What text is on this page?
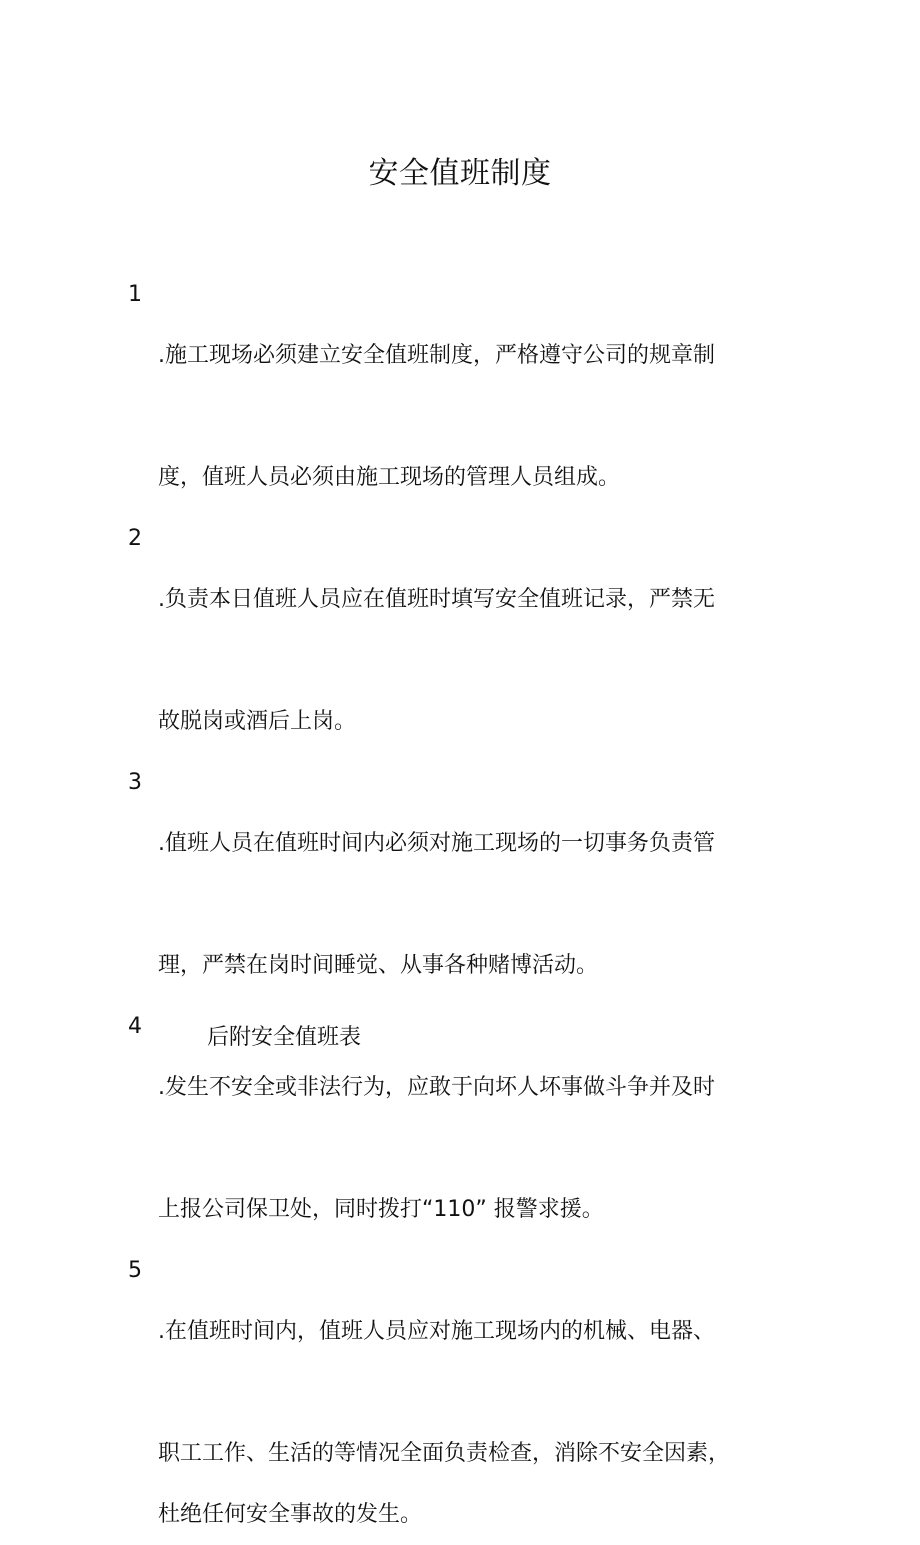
安全值班制度
1

.施工现场必须建立安全值班制度，严格遵守公司的规章制

度，值班人员必须由施工现场的管理人员组成。

2

.负责本日值班人员应在值班时填写安全值班记录，严禁无

故脱岗或酒后上岗。

3

.值班人员在值班时间内必须对施工现场的一切事务负责管

理，严禁在岗时间睡觉、从事各种赌博活动。

4

.发生不安全或非法行为，应敢于向坏人坏事做斗争并及时

上报公司保卫处，同时拨打“110” 报警求援。

5

.在值班时间内，值班人员应对施工现场内的机械、电器、

职工工作、生活的等情况全面负责检查，消除不安全因素，
杜绝任何安全事故的发生。

后附安全值班表
